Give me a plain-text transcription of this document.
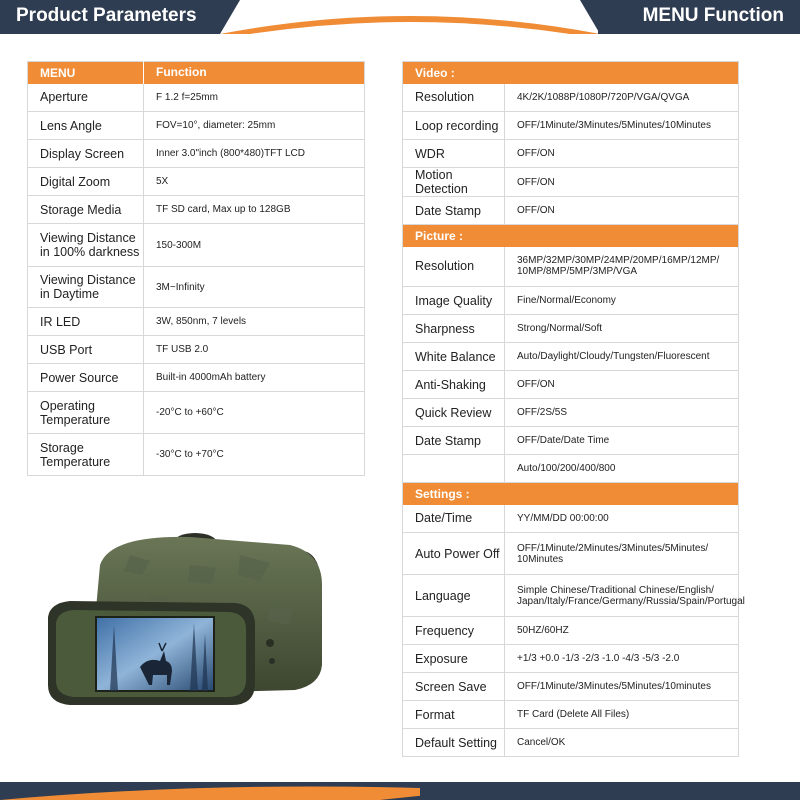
Product Parameters	MENU Function
MENU	Function
Aperture	F 1.2 f=25mm
Lens Angle	FOV=10°, diameter: 25mm
Display Screen	Inner 3.0"inch (800*480)TFT LCD
Digital Zoom	5X
Storage Media	TF SD card, Max up to 128GB
Viewing Distance in 100% darkness	150-300M
Viewing Distance in Daytime	3M~Infinity
IR LED	3W, 850nm, 7 levels
USB Port	TF USB 2.0
Power Source	Built-in 4000mAh battery
Operating Temperature	-20°C to +60°C
Storage Temperature	-30°C to +70°C
Video :	
Resolution	4K/2K/1088P/1080P/720P/VGA/QVGA
Loop recording	OFF/1Minute/3Minutes/5Minutes/10Minutes
WDR	OFF/ON
Motion Detection	OFF/ON
Date Stamp	OFF/ON
Picture :	
Resolution	36MP/32MP/30MP/24MP/20MP/16MP/12MP/ 10MP/8MP/5MP/3MP/VGA
Image Quality	Fine/Normal/Economy
Sharpness	Strong/Normal/Soft
White Balance	Auto/Daylight/Cloudy/Tungsten/Fluorescent
Anti-Shaking	OFF/ON
Quick Review	OFF/2S/5S
Date Stamp	OFF/Date/Date Time
	Auto/100/200/400/800
Settings :	
Date/Time	YY/MM/DD 00:00:00
Auto Power Off	OFF/1Minute/2Minutes/3Minutes/5Minutes/ 10Minutes
Language	Simple Chinese/Traditional Chinese/English/ Japan/Italy/France/Germany/Russia/Spain/Portugal
Frequency	50HZ/60HZ
Exposure	+1/3 +0.0 -1/3 -2/3 -1.0 -4/3 -5/3 -2.0
Screen Save	OFF/1Minute/3Minutes/5Minutes/10minutes
Format	TF Card (Delete All Files)
Default Setting	Cancel/OK
